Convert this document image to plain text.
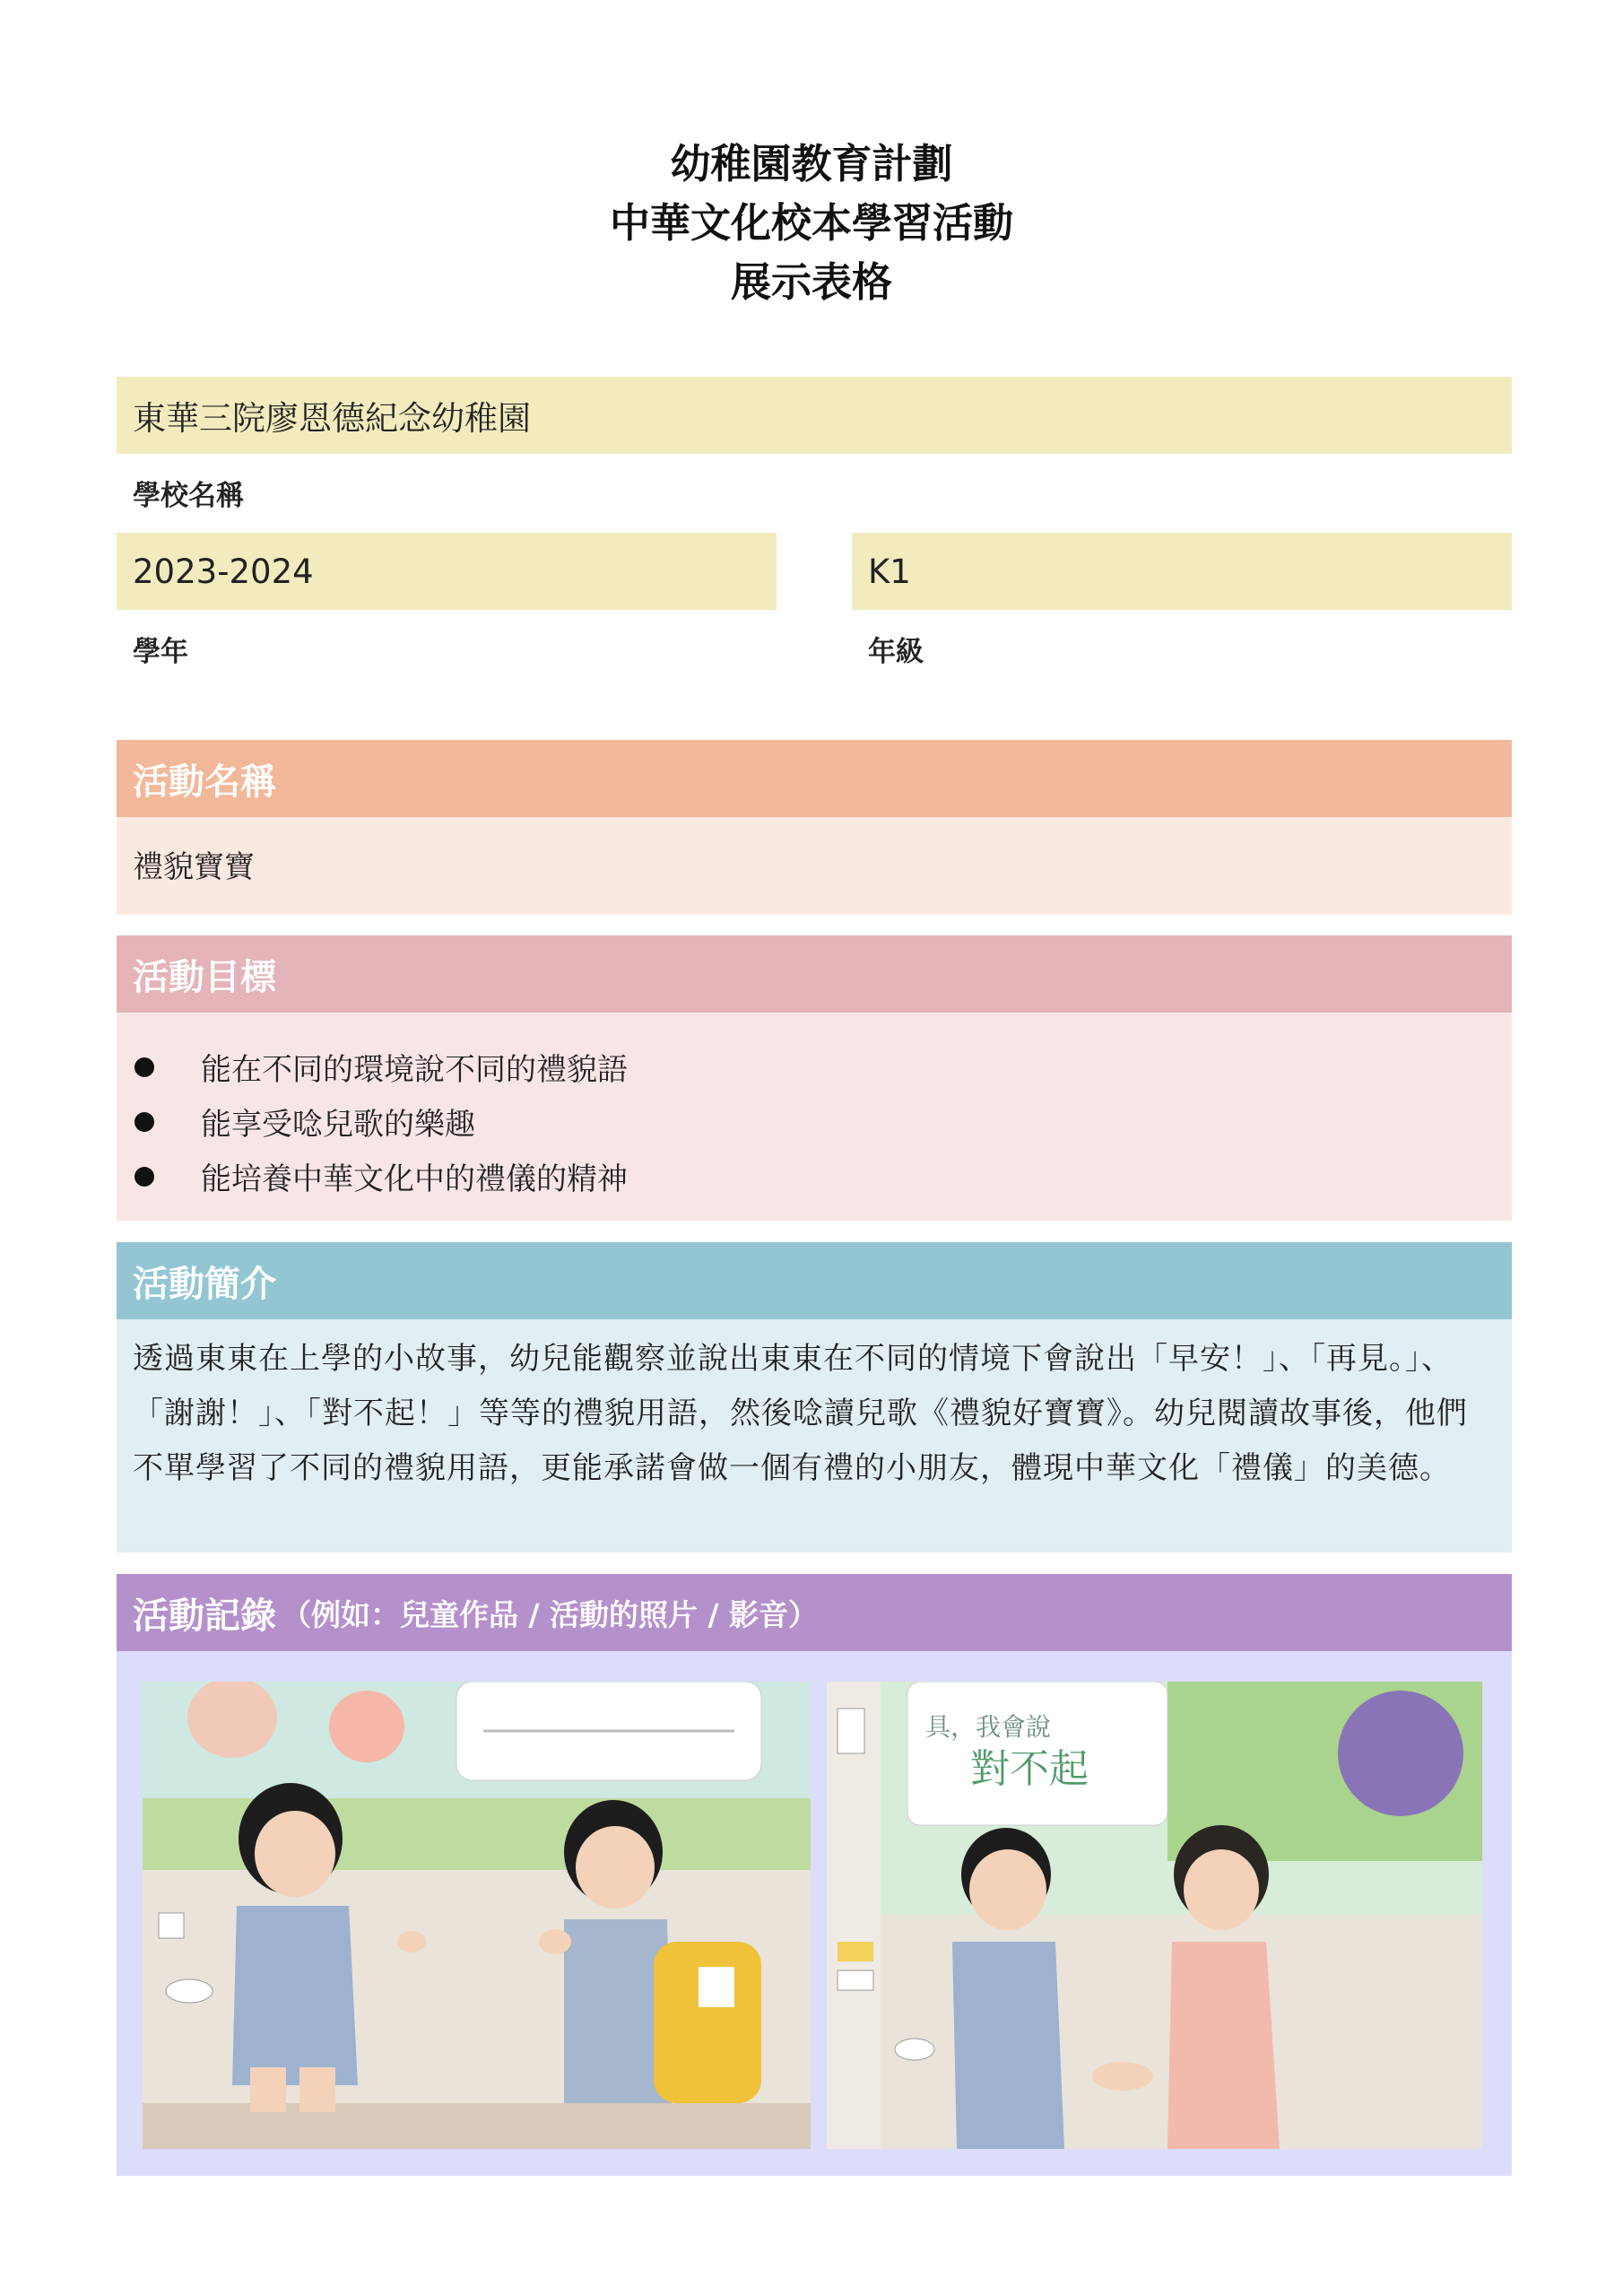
幼稚園教育計劃
中華文化校本學習活動
展示表格
東華三院廖恩德紀念幼稚園
學校名稱
2023-2024
學年
K1
年級
活動名稱
禮貌寶寶
活動目標
能在不同的環境說不同的禮貌語
能享受唸兒歌的樂趣
能培養中華文化中的禮儀的精神
活動簡介
透過東東在上學的小故事，幼兒能觀察並說出東東在不同的情境下會說出「早安！」、「再見。」、「謝謝！」、「對不起！」等等的禮貌用語，然後唸讀兒歌《禮貌好寶寶》。幼兒閱讀故事後，他們不單學習了不同的禮貌用語，更能承諾會做一個有禮的小朋友，體現中華文化「禮儀」的美德。
活動記錄 （例如：兒童作品 / 活動的照片 / 影音）
具，我會說
對不起
